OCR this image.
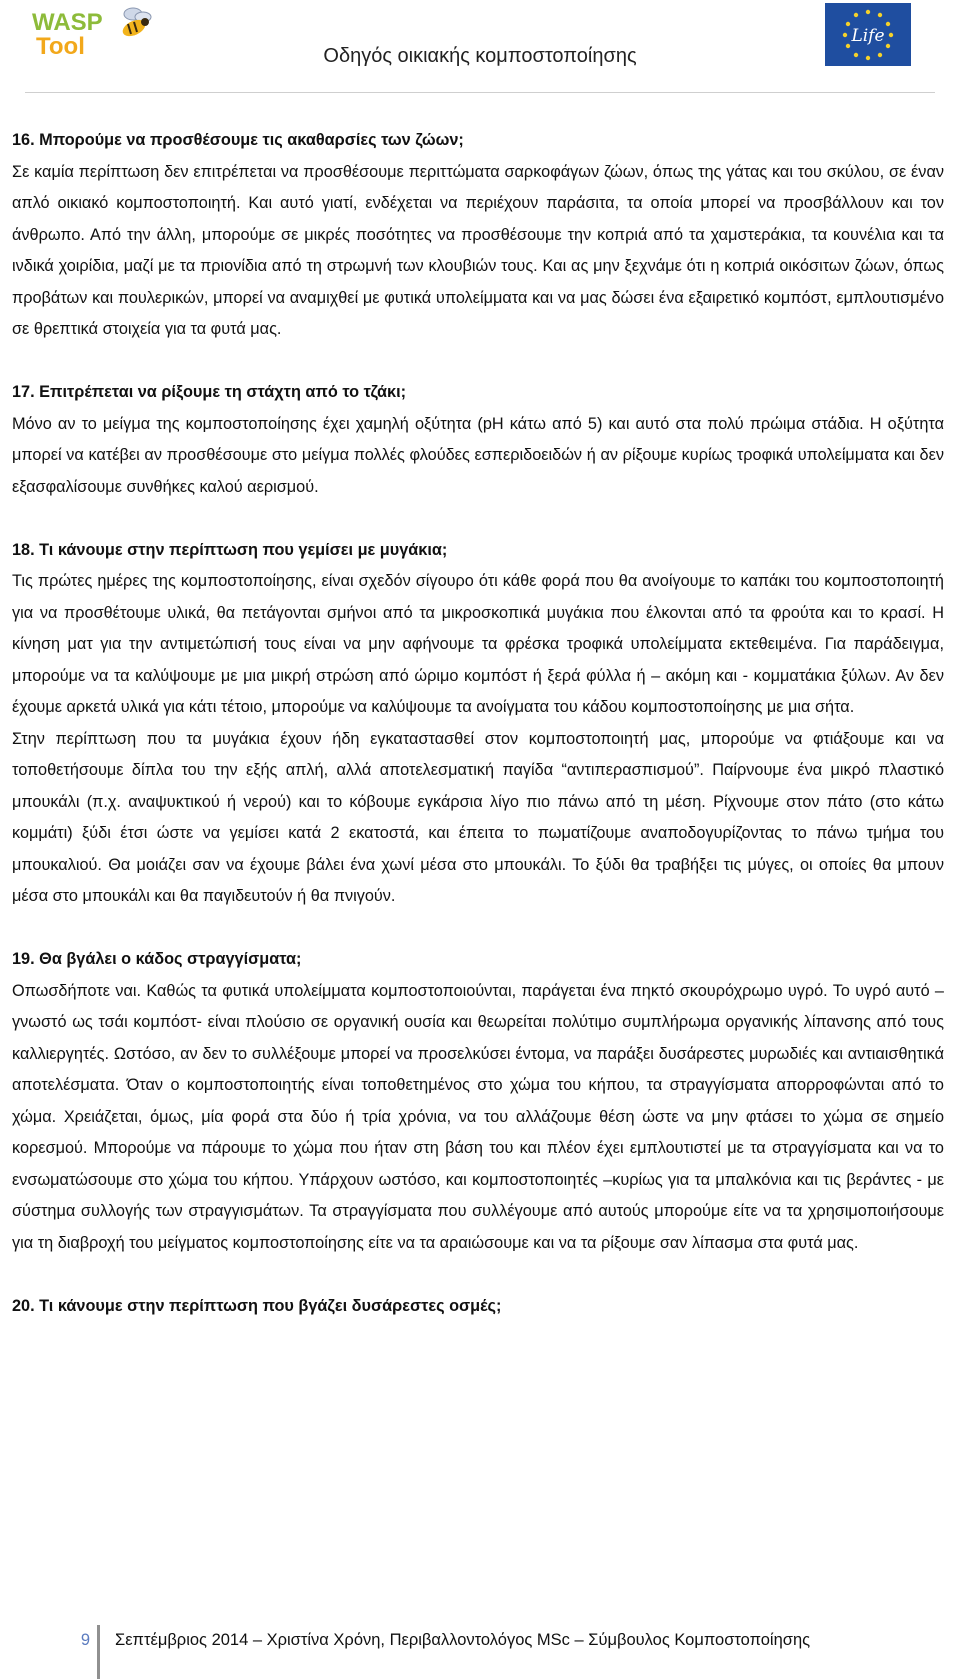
WASP
Tool	Οδηγός οικιακής κομποστοποίησης
Life
16. Μπορούμε να προσθέσουμε τις ακαθαρσίες των ζώων;

Σε καμία περίπτωση δεν επιτρέπεται να προσθέσουμε περιττώματα σαρκοφάγων ζώων, όπως της γάτας και του σκύλου, σε έναν απλό οικιακό κομποστοποιητή. Και αυτό γιατί, ενδέχεται να περιέχουν παράσιτα, τα οποία μπορεί να προσβάλλουν και τον άνθρωπο. Από την άλλη, μπορούμε σε μικρές ποσότητες να προσθέσουμε την κοπριά από τα χαμστεράκια, τα κουνέλια και τα ινδικά χοιρίδια, μαζί με τα πριονίδια από τη στρωμνή των κλουβιών τους. Και ας μην ξεχνάμε ότι η κοπριά οικόσιτων ζώων, όπως προβάτων και πουλερικών, μπορεί να αναμιχθεί με φυτικά υπολείμματα και να μας δώσει ένα εξαιρετικό κομπόστ, εμπλουτισμένο σε θρεπτικά στοιχεία για τα φυτά μας.

17. Επιτρέπεται να ρίξουμε τη στάχτη από το τζάκι;

Μόνο αν το μείγμα της κομποστοποίησης έχει χαμηλή οξύτητα (pH κάτω από 5) και αυτό στα πολύ πρώιμα στάδια. Η οξύτητα μπορεί να κατέβει αν προσθέσουμε στο μείγμα πολλές φλούδες εσπεριδοειδών ή αν ρίξουμε κυρίως τροφικά υπολείμματα και δεν εξασφαλίσουμε συνθήκες καλού αερισμού.

18. Τι κάνουμε στην περίπτωση που γεμίσει με μυγάκια;

Τις πρώτες ημέρες της κομποστοποίησης, είναι σχεδόν σίγουρο ότι κάθε φορά που θα ανοίγουμε το καπάκι του κομποστοποιητή για να προσθέτουμε υλικά, θα πετάγονται σμήνοι από τα μικροσκοπικά μυγάκια που έλκονται από τα φρούτα και το κρασί. Η κίνηση ματ για την αντιμετώπισή τους είναι να μην αφήνουμε τα φρέσκα τροφικά υπολείμματα εκτεθειμένα. Για παράδειγμα, μπορούμε να τα καλύψουμε με μια μικρή στρώση από ώριμο κομπόστ ή ξερά φύλλα ή – ακόμη και - κομματάκια ξύλων. Αν δεν έχουμε αρκετά υλικά για κάτι τέτοιο, μπορούμε να καλύψουμε τα ανοίγματα του κάδου κομποστοποίησης με μια σήτα.

Στην περίπτωση που τα μυγάκια έχουν ήδη εγκαταστασθεί στον κομποστοποιητή μας, μπορούμε να φτιάξουμε και να τοποθετήσουμε δίπλα του την εξής απλή, αλλά αποτελεσματική παγίδα “αντιπερασπισμού”. Παίρνουμε ένα μικρό πλαστικό μπουκάλι (π.χ. αναψυκτικού ή νερού) και το κόβουμε εγκάρσια λίγο πιο πάνω από τη μέση. Ρίχνουμε στον πάτο (στο κάτω κομμάτι) ξύδι έτσι ώστε να γεμίσει κατά 2 εκατοστά, και έπειτα το πωματίζουμε αναποδογυρίζοντας το πάνω τμήμα του μπουκαλιού. Θα μοιάζει σαν να έχουμε βάλει ένα χωνί μέσα στο μπουκάλι. Το ξύδι θα τραβήξει τις μύγες, οι οποίες θα μπουν μέσα στο μπουκάλι και θα παγιδευτούν ή θα πνιγούν.

19. Θα βγάλει ο κάδος στραγγίσματα;

Οπωσδήποτε ναι. Καθώς τα φυτικά υπολείμματα κομποστοποιούνται, παράγεται ένα πηκτό σκουρόχρωμο υγρό. Το υγρό αυτό – γνωστό ως τσάι κομπόστ- είναι πλούσιο σε οργανική ουσία και θεωρείται πολύτιμο συμπλήρωμα οργανικής λίπανσης από τους καλλιεργητές. Ωστόσο, αν δεν το συλλέξουμε μπορεί να προσελκύσει έντομα, να παράξει δυσάρεστες μυρωδιές και αντιαισθητικά αποτελέσματα. Όταν ο κομποστοποιητής είναι τοποθετημένος στο χώμα του κήπου, τα στραγγίσματα απορροφώνται από το χώμα. Χρειάζεται, όμως, μία φορά στα δύο ή τρία χρόνια, να του αλλάζουμε θέση ώστε να μην φτάσει το χώμα σε σημείο κορεσμού. Μπορούμε να πάρουμε το χώμα που ήταν στη βάση του και πλέον έχει εμπλουτιστεί με τα στραγγίσματα και να το ενσωματώσουμε στο χώμα του κήπου. Υπάρχουν ωστόσο, και κομποστοποιητές –κυρίως για τα μπαλκόνια και τις βεράντες - με σύστημα συλλογής των στραγγισμάτων. Τα στραγγίσματα που συλλέγουμε από αυτούς μπορούμε είτε να τα χρησιμοποιήσουμε για τη διαβροχή του μείγματος κομποστοποίησης είτε να τα αραιώσουμε και να τα ρίξουμε σαν λίπασμα στα φυτά μας.

20. Τι κάνουμε στην περίπτωση που βγάζει δυσάρεστες οσμές;
9 Σεπτέμβριος 2014 – Χριστίνα Χρόνη, Περιβαλλοντολόγος MSc – Σύμβουλος Κομποστοποίησης
